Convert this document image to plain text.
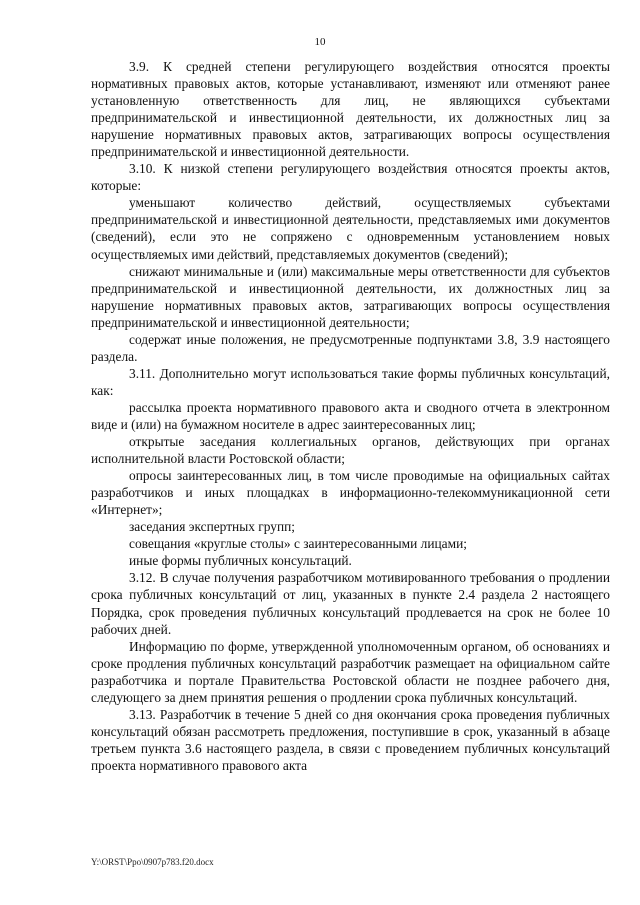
10

3.9. К средней степени регулирующего воздействия относятся проекты нормативных правовых актов, которые устанавливают, изменяют или отменяют ранее установленную ответственность для лиц, не являющихся субъектами предпринимательской и инвестиционной деятельности, их должностных лиц за нарушение нормативных правовых актов, затрагивающих вопросы осуществления предпринимательской и инвестиционной деятельности.

3.10. К низкой степени регулирующего воздействия относятся проекты актов, которые:

уменьшают количество действий, осуществляемых субъектами предпринимательской и инвестиционной деятельности, представляемых ими документов (сведений), если это не сопряжено с одновременным установлением новых осуществляемых ими действий, представляемых документов (сведений);

снижают минимальные и (или) максимальные меры ответственности для субъектов предпринимательской и инвестиционной деятельности, их должностных лиц за нарушение нормативных правовых актов, затрагивающих вопросы осуществления предпринимательской и инвестиционной деятельности;

содержат иные положения, не предусмотренные подпунктами 3.8, 3.9 настоящего раздела.

3.11. Дополнительно могут использоваться такие формы публичных консультаций, как:

рассылка проекта нормативного правового акта и сводного отчета в электронном виде и (или) на бумажном носителе в адрес заинтересованных лиц;

открытые заседания коллегиальных органов, действующих при органах исполнительной власти Ростовской области;

опросы заинтересованных лиц, в том числе проводимые на официальных сайтах разработчиков и иных площадках в информационно-телекоммуникационной сети «Интернет»;

заседания экспертных групп;

совещания «круглые столы» с заинтересованными лицами;

иные формы публичных консультаций.

3.12. В случае получения разработчиком мотивированного требования о продлении срока публичных консультаций от лиц, указанных в пункте 2.4 раздела 2 настоящего Порядка, срок проведения публичных консультаций продлевается на срок не более 10 рабочих дней.

Информацию по форме, утвержденной уполномоченным органом, об основаниях и сроке продления публичных консультаций разработчик размещает на официальном сайте разработчика и портале Правительства Ростовской области не позднее рабочего дня, следующего за днем принятия решения о продлении срока публичных консультаций.

3.13. Разработчик в течение 5 дней со дня окончания срока проведения публичных консультаций обязан рассмотреть предложения, поступившие в срок, указанный в абзаце третьем пункта 3.6 настоящего раздела, в связи с проведением публичных консультаций проекта нормативного правового акта

Y:\ORST\Ppo\0907p783.f20.docx
